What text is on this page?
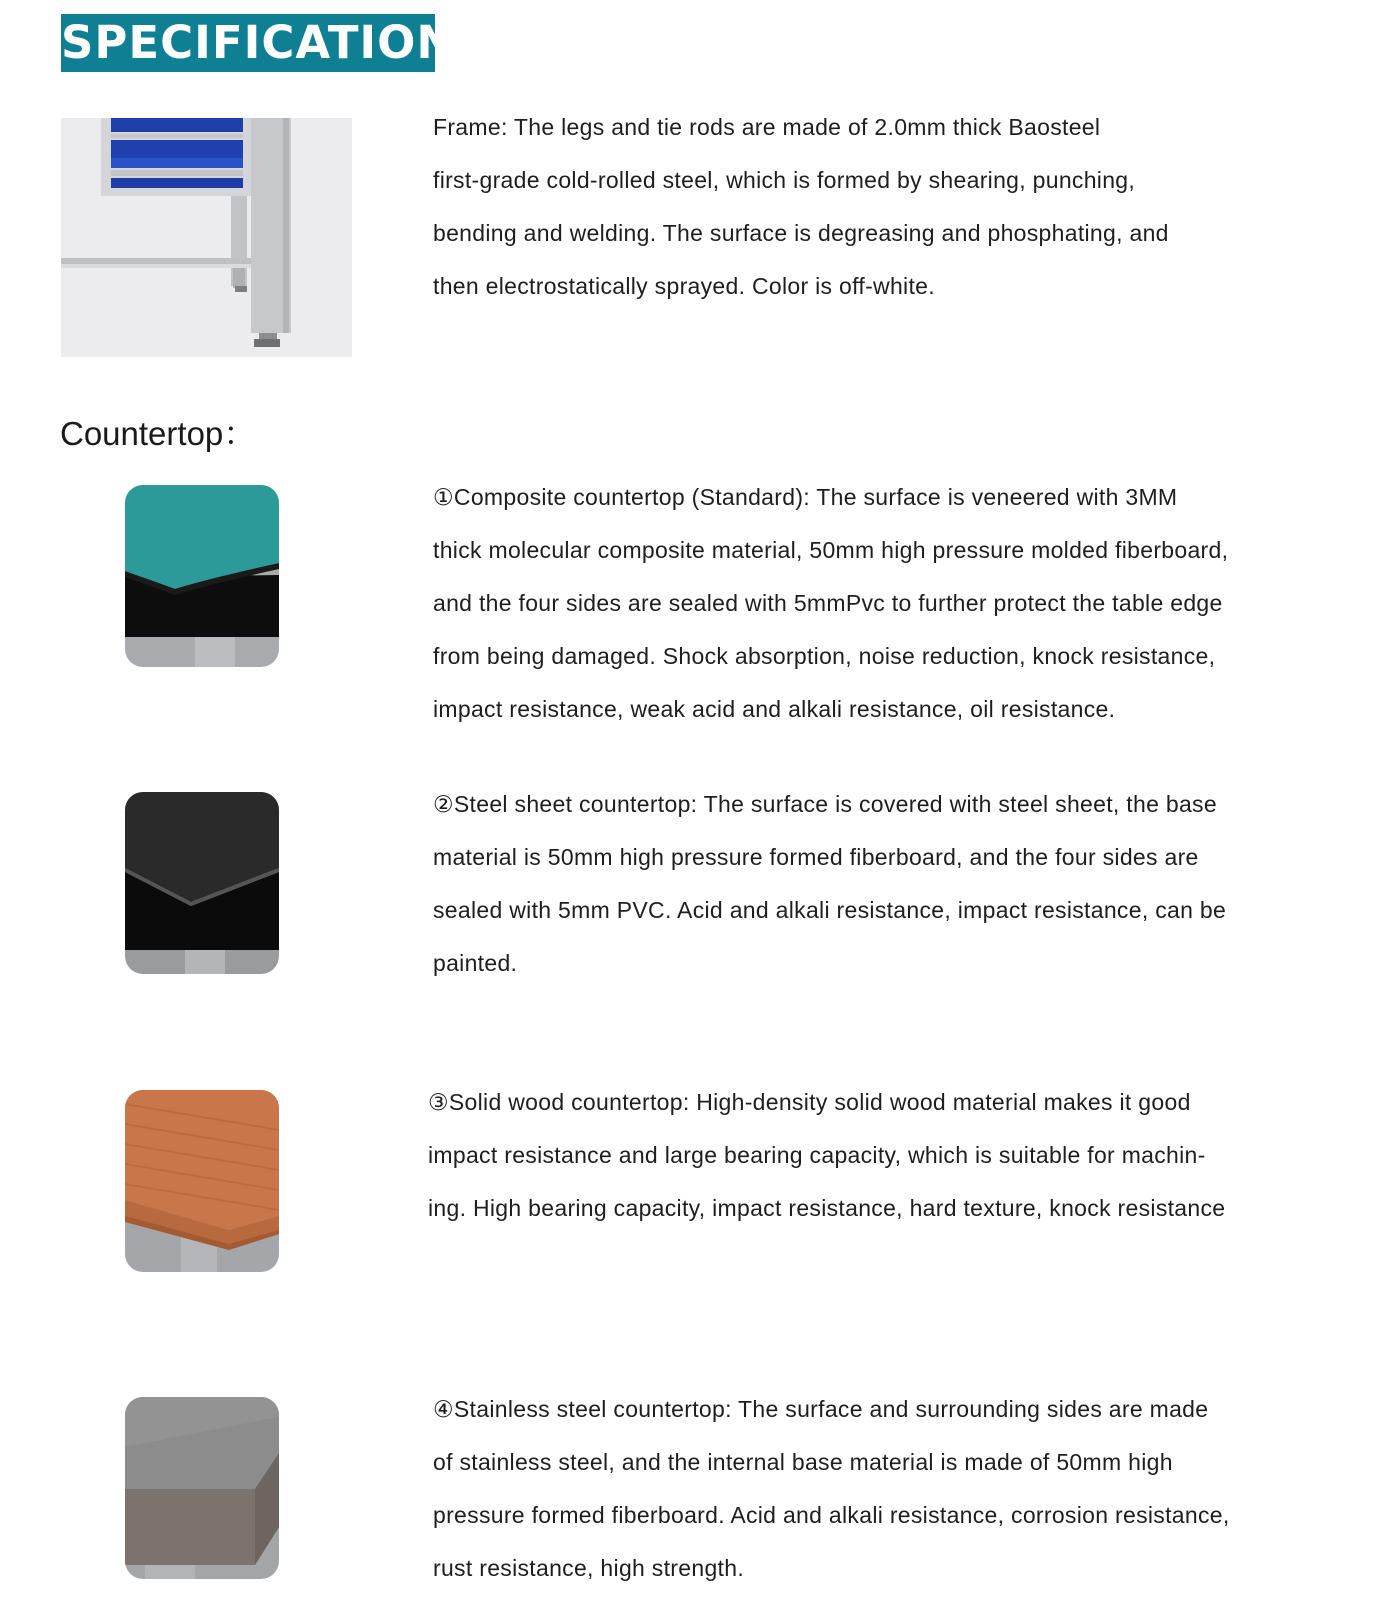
SPECIFICATION
Frame: The legs and tie rods are made of 2.0mm thick Baosteel
first-grade cold-rolled steel, which is formed by shearing, punching,
bending and welding. The surface is degreasing and phosphating, and
then electrostatically sprayed. Color is off-white.
Countertop：
①Composite countertop (Standard): The surface is veneered with 3MM
thick molecular composite material, 50mm high pressure molded fiberboard,
and the four sides are sealed with 5mmPvc to further protect the table edge
from being damaged. Shock absorption, noise reduction, knock resistance,
impact resistance, weak acid and alkali resistance, oil resistance.
②Steel sheet countertop: The surface is covered with steel sheet, the base
material is 50mm high pressure formed fiberboard, and the four sides are
sealed with 5mm PVC. Acid and alkali resistance, impact resistance, can be
painted.
③Solid wood countertop: High-density solid wood material makes it good
impact resistance and large bearing capacity, which is suitable for machin-
ing. High bearing capacity, impact resistance, hard texture, knock resistance
④Stainless steel countertop: The surface and surrounding sides are made
of stainless steel, and the internal base material is made of 50mm high
pressure formed fiberboard. Acid and alkali resistance, corrosion resistance,
rust resistance, high strength.
